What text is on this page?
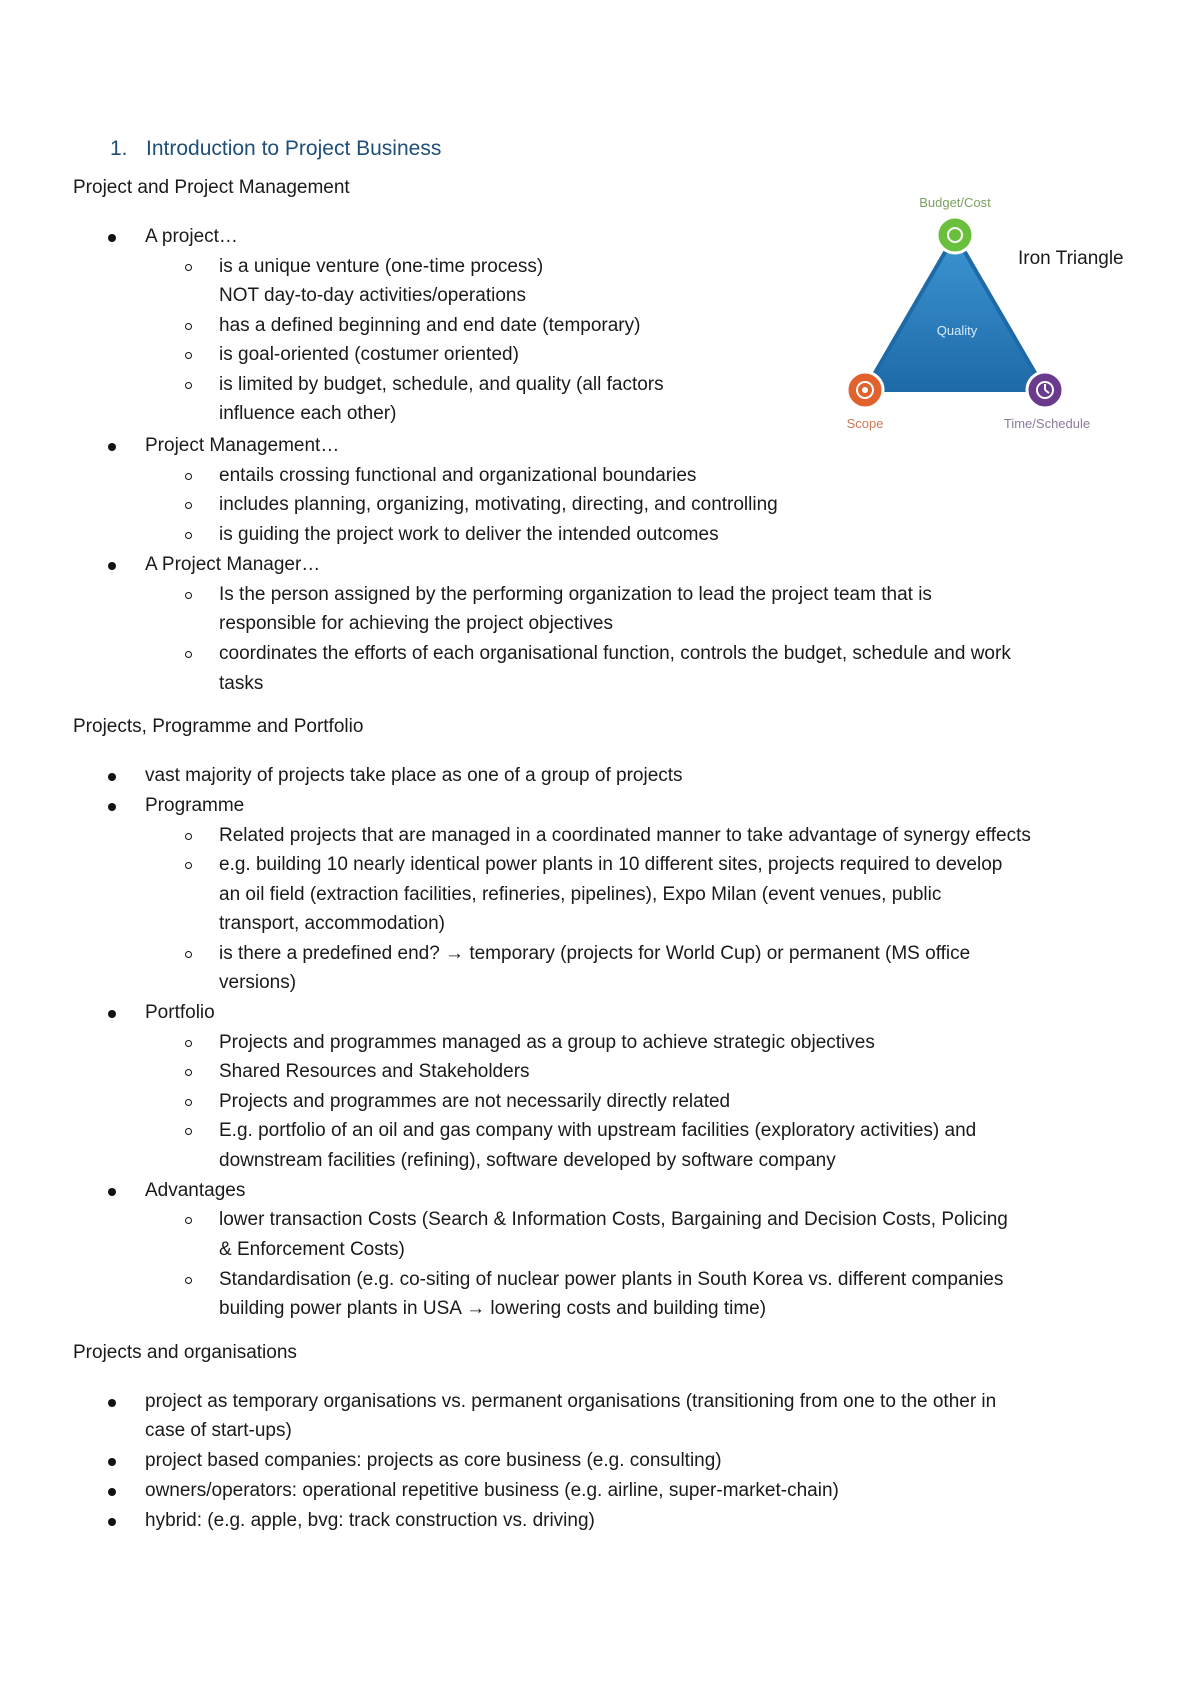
1. Introduction to Project Business
Project and Project Management
A project…
is a unique venture (one-time process)
NOT day-to-day activities/operations
has a defined beginning and end date (temporary)
is goal-oriented (costumer oriented)
is limited by budget, schedule, and quality (all factors
influence each other)
Project Management…
entails crossing functional and organizational boundaries
includes planning, organizing, motivating, directing, and controlling
is guiding the project work to deliver the intended outcomes
A Project Manager…
Is the person assigned by the performing organization to lead the project team that is
responsible for achieving the project objectives
coordinates the efforts of each organisational function, controls the budget, schedule and work
tasks
Projects, Programme and Portfolio
vast majority of projects take place as one of a group of projects
Programme
Related projects that are managed in a coordinated manner to take advantage of synergy effects
e.g. building 10 nearly identical power plants in 10 different sites, projects required to develop
an oil field (extraction facilities, refineries, pipelines), Expo Milan (event venues, public
transport, accommodation)
is there a predefined end? → temporary (projects for World Cup) or permanent (MS office
versions)
Portfolio
Projects and programmes managed as a group to achieve strategic objectives
Shared Resources and Stakeholders
Projects and programmes are not necessarily directly related
E.g. portfolio of an oil and gas company with upstream facilities (exploratory activities) and
downstream facilities (refining), software developed by software company
Advantages
lower transaction Costs (Search & Information Costs, Bargaining and Decision Costs, Policing
& Enforcement Costs)
Standardisation (e.g. co-siting of nuclear power plants in South Korea vs. different companies
building power plants in USA → lowering costs and building time)
Projects and organisations
project as temporary organisations vs. permanent organisations (transitioning from one to the other in
case of start-ups)
project based companies: projects as core business (e.g. consulting)
owners/operators: operational repetitive business (e.g. airline, super-market-chain)
hybrid: (e.g. apple, bvg: track construction vs. driving)
Budget/Cost
Quality
Scope	Time/Schedule
Iron Triangle
